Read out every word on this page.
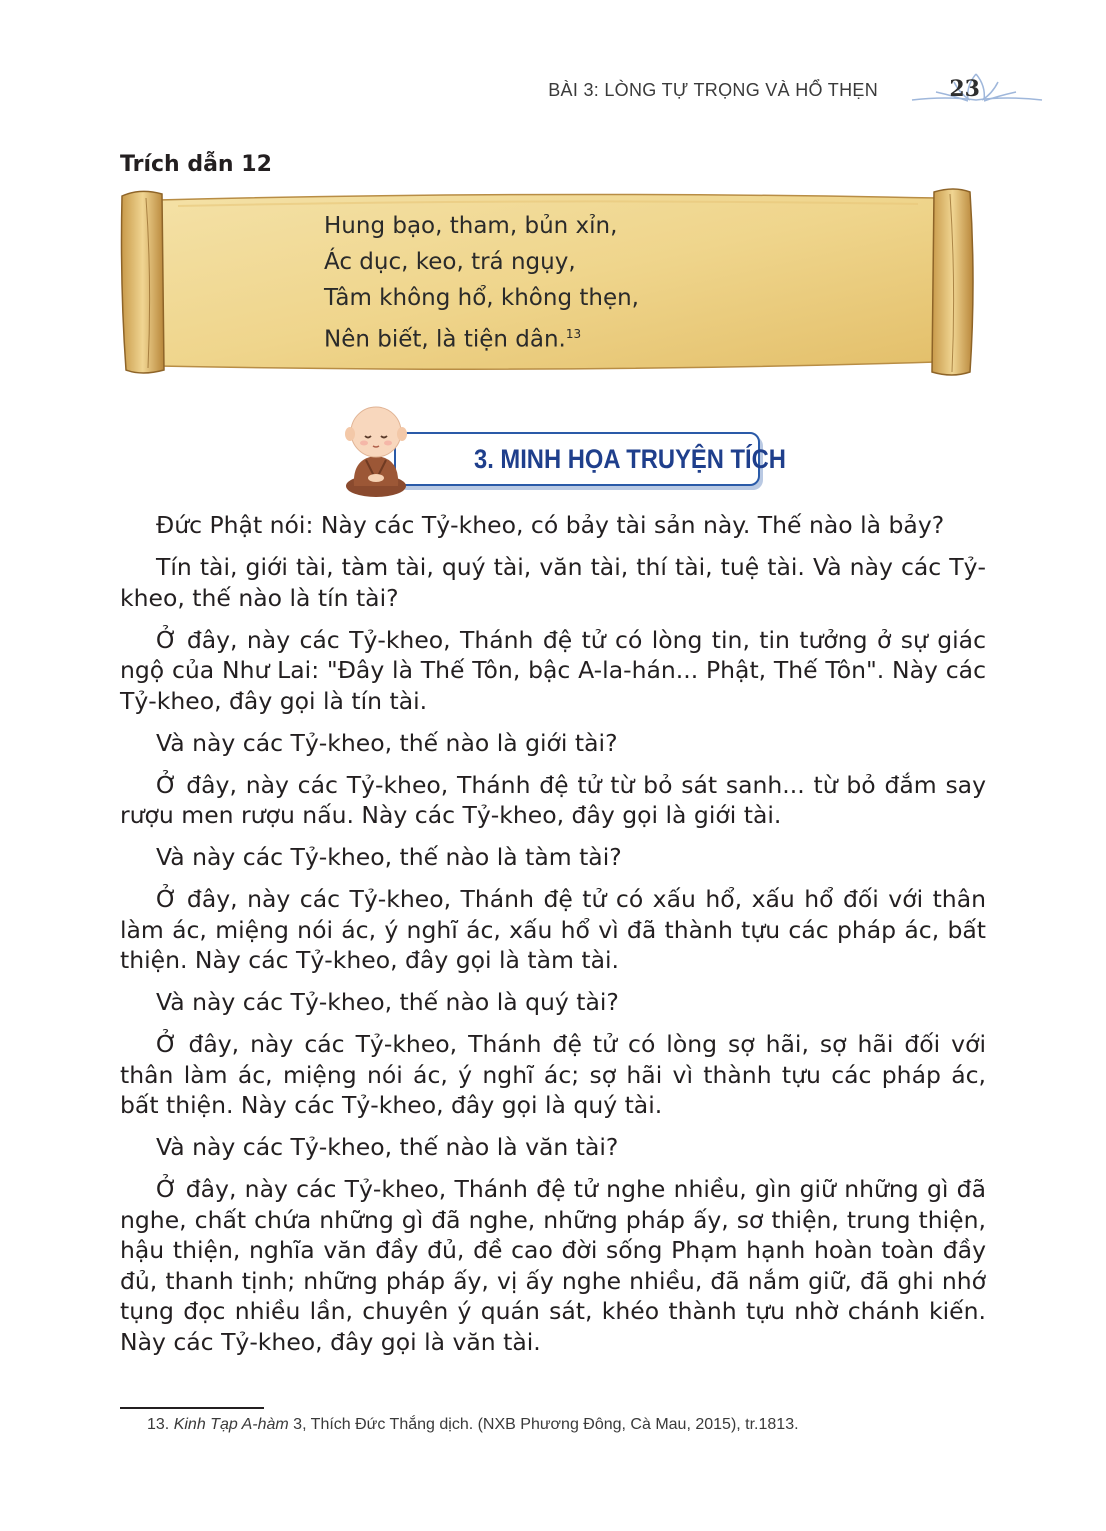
BÀI 3: LÒNG TỰ TRỌNG VÀ HỔ THẸN	23
Trích dẫn 12
Hung bạo, tham, bủn xỉn,
Ác dục, keo, trá ngụy,
Tâm không hổ, không thẹn,
Nên biết, là tiện dân.$^{13}$
3. MINH HỌA TRUYỆN TÍCH

Đức Phật nói: Này các Tỷ-kheo, có bảy tài sản này. Thế nào là bảy?

Tín tài, giới tài, tàm tài, quý tài, văn tài, thí tài, tuệ tài. Và này các Tỷ-kheo, thế nào là tín tài?

Ở đây, này các Tỷ-kheo, Thánh đệ tử có lòng tin, tin tưởng ở sự giác ngộ của Như Lai: "Đây là Thế Tôn, bậc A-la-hán... Phật, Thế Tôn". Này các Tỷ-kheo, đây gọi là tín tài.

Và này các Tỷ-kheo, thế nào là giới tài?

Ở đây, này các Tỷ-kheo, Thánh đệ tử từ bỏ sát sanh... từ bỏ đắm say rượu men rượu nấu. Này các Tỷ-kheo, đây gọi là giới tài.

Và này các Tỷ-kheo, thế nào là tàm tài?

Ở đây, này các Tỷ-kheo, Thánh đệ tử có xấu hổ, xấu hổ đối với thân làm ác, miệng nói ác, ý nghĩ ác, xấu hổ vì đã thành tựu các pháp ác, bất thiện. Này các Tỷ-kheo, đây gọi là tàm tài.

Và này các Tỷ-kheo, thế nào là quý tài?

Ở đây, này các Tỷ-kheo, Thánh đệ tử có lòng sợ hãi, sợ hãi đối với thân làm ác, miệng nói ác, ý nghĩ ác; sợ hãi vì thành tựu các pháp ác, bất thiện. Này các Tỷ-kheo, đây gọi là quý tài.

Và này các Tỷ-kheo, thế nào là văn tài?

Ở đây, này các Tỷ-kheo, Thánh đệ tử nghe nhiều, gìn giữ những gì đã nghe, chất chứa những gì đã nghe, những pháp ấy, sơ thiện, trung thiện, hậu thiện, nghĩa văn đầy đủ, đề cao đời sống Phạm hạnh hoàn toàn đầy đủ, thanh tịnh; những pháp ấy, vị ấy nghe nhiều, đã nắm giữ, đã ghi nhớ tụng đọc nhiều lần, chuyên ý quán sát, khéo thành tựu nhờ chánh kiến. Này các Tỷ-kheo, đây gọi là văn tài.

13. Kinh Tạp A-hàm 3, Thích Đức Thắng dịch. (NXB Phương Đông, Cà Mau, 2015), tr.1813.
